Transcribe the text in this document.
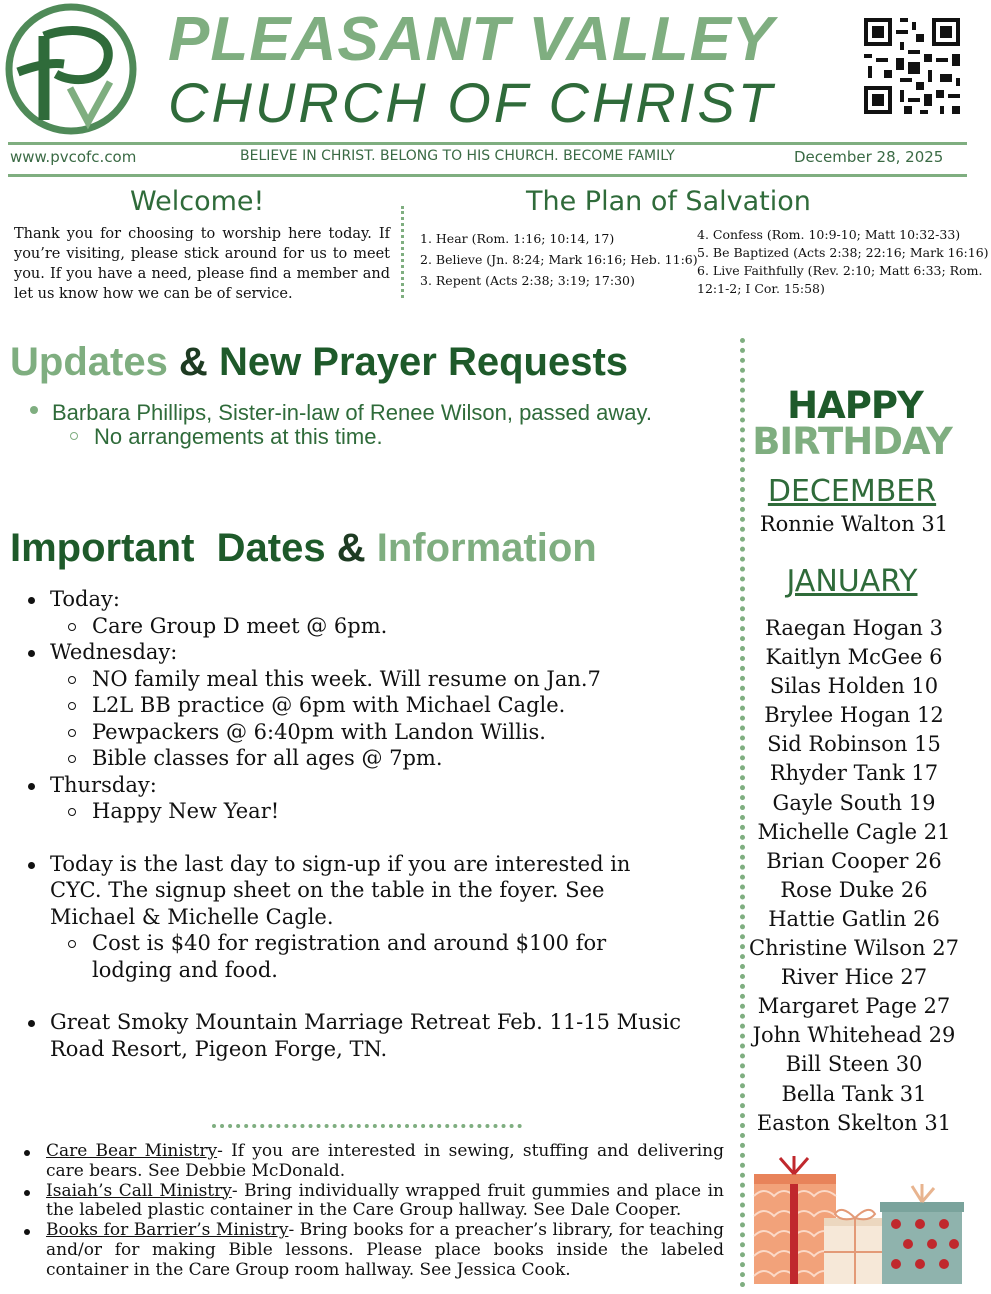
PLEASANT VALLEY
CHURCH OF CHRIST
www.pvcofc.com	BELIEVE IN CHRIST. BELONG TO HIS CHURCH. BECOME FAMILY	December 28, 2025
Welcome!
Thank you for choosing to worship here today. If you’re visiting, please stick around for us to meet you. If you have a need, please find a member and let us know how we can be of service.
The Plan of Salvation
1. Hear (Rom. 1:16; 10:14, 17)
2. Believe (Jn. 8:24; Mark 16:16; Heb. 11:6)
3. Repent (Acts 2:38; 3:19; 17:30)
4. Confess (Rom. 10:9-10; Matt 10:32-33)
5. Be Baptized (Acts 2:38; 22:16; Mark 16:16)
6. Live Faithfully (Rev. 2:10; Matt 6:33; Rom. 12:1-2; I Cor. 15:58)
Updates & New Prayer Requests
Barbara Phillips, Sister-in-law of Renee Wilson, passed away.
No arrangements at this time.
Important  Dates & Information
Today:
Care Group D meet @ 6pm.
Wednesday:
NO family meal this week. Will resume on Jan.7
L2L BB practice @ 6pm with Michael Cagle.
Pewpackers @ 6:40pm with Landon Willis.
Bible classes for all ages @ 7pm.
Thursday:
Happy New Year!
Today is the last day to sign-up if you are interested in CYC. The signup sheet on the table in the foyer. See Michael & Michelle Cagle.
Cost is $40 for registration and around $100 for lodging and food.
Great Smoky Mountain Marriage Retreat Feb. 11-15 Music Road Resort, Pigeon Forge, TN.
Care Bear Ministry- If you are interested in sewing, stuffing and delivering care bears. See Debbie McDonald.
Isaiah’s Call Ministry- Bring individually wrapped fruit gummies and place in the labeled plastic container in the Care Group hallway. See Dale Cooper.
Books for Barrier’s Ministry- Bring books for a preacher’s library, for teaching and/or for making Bible lessons. Please place books inside the labeled container in the Care Group room hallway. See Jessica Cook.
HAPPY
BIRTHDAY
DECEMBER
Ronnie Walton 31
JANUARY
Raegan Hogan 3
Kaitlyn McGee 6
Silas Holden 10
Brylee Hogan 12
Sid Robinson 15
Rhyder Tank 17
Gayle South 19
Michelle Cagle 21
Brian Cooper 26
Rose Duke 26
Hattie Gatlin 26
Christine Wilson 27
River Hice 27
Margaret Page 27
John Whitehead 29
Bill Steen 30
Bella Tank 31
Easton Skelton 31
